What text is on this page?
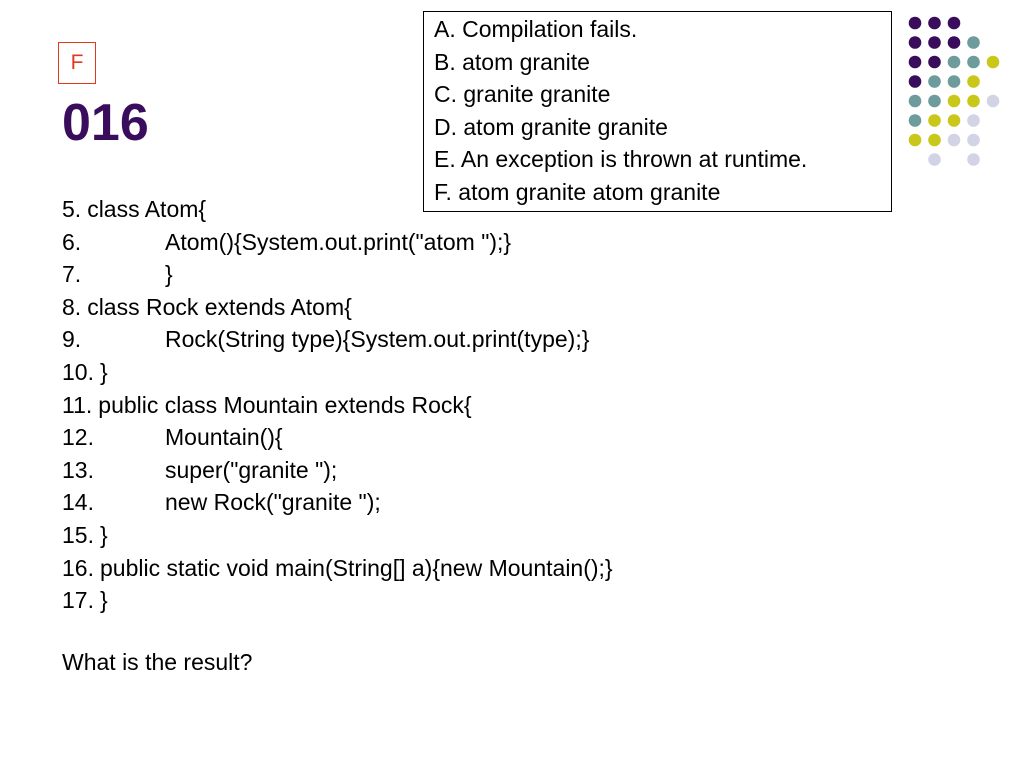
F
016
A. Compilation fails.
B. atom granite
C. granite granite
D. atom granite granite
E. An exception is thrown at runtime.
F. atom granite atom granite
5. class Atom{
6.	Atom(){System.out.print("atom ");}
7.	}
8. class Rock extends Atom{
9.	Rock(String type){System.out.print(type);}
10. }
11. public class Mountain extends Rock{
12.	Mountain(){
13.	super("granite ");
14.	new Rock("granite ");
15. }
16. public static void main(String[] a){new Mountain();}
17. }
What is the result?
